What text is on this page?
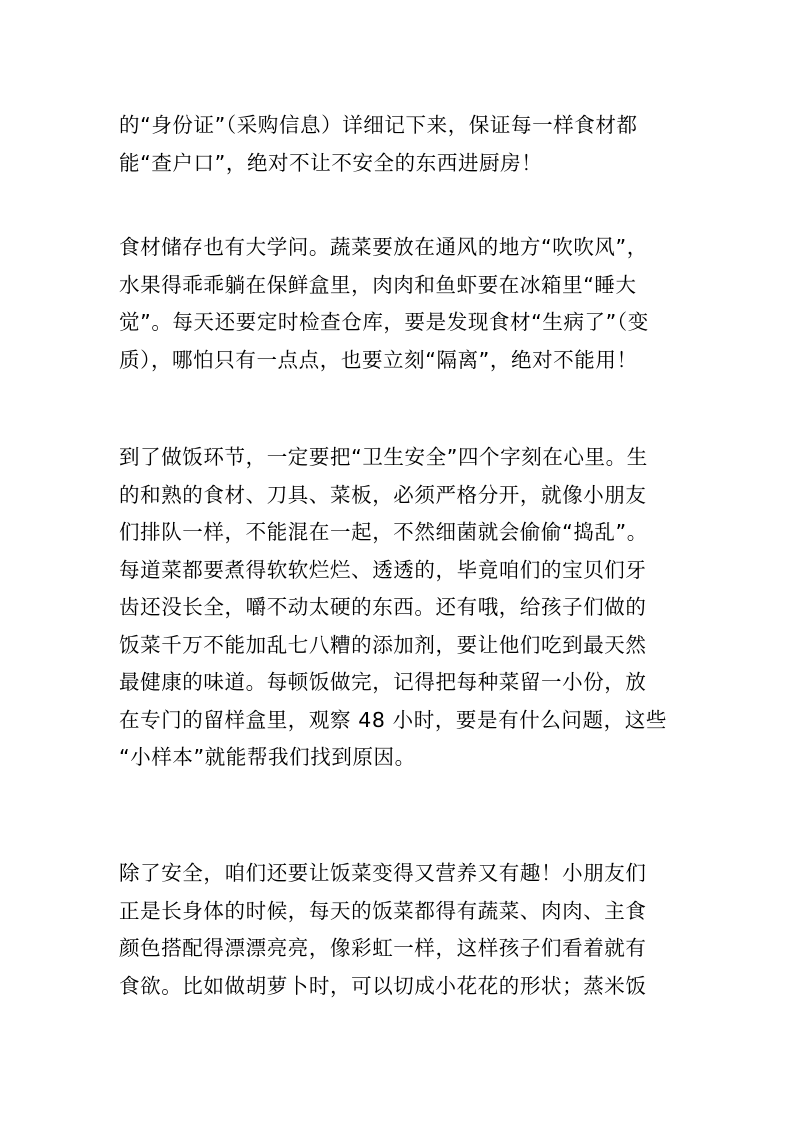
的“身份证”（采购信息）详细记下来，保证每一样食材都
能“查户口”，绝对不让不安全的东西进厨房！
食材储存也有大学问。蔬菜要放在通风的地方“吹吹风”，
水果得乖乖躺在保鲜盒里，肉肉和鱼虾要在冰箱里“睡大
觉”。每天还要定时检查仓库，要是发现食材“生病了”（变
质），哪怕只有一点点，也要立刻“隔离”，绝对不能用！
到了做饭环节，一定要把“卫生安全”四个字刻在心里。生
的和熟的食材、刀具、菜板，必须严格分开，就像小朋友
们排队一样，不能混在一起，不然细菌就会偷偷“捣乱”。
每道菜都要煮得软软烂烂、透透的，毕竟咱们的宝贝们牙
齿还没长全，嚼不动太硬的东西。还有哦，给孩子们做的
饭菜千万不能加乱七八糟的添加剂，要让他们吃到最天然
最健康的味道。每顿饭做完，记得把每种菜留一小份，放
在专门的留样盒里，观察 48 小时，要是有什么问题，这些
“小样本”就能帮我们找到原因。
除了安全，咱们还要让饭菜变得又营养又有趣！小朋友们
正是长身体的时候，每天的饭菜都得有蔬菜、肉肉、主食
颜色搭配得漂漂亮亮，像彩虹一样，这样孩子们看着就有
食欲。比如做胡萝卜时，可以切成小花花的形状；蒸米饭
